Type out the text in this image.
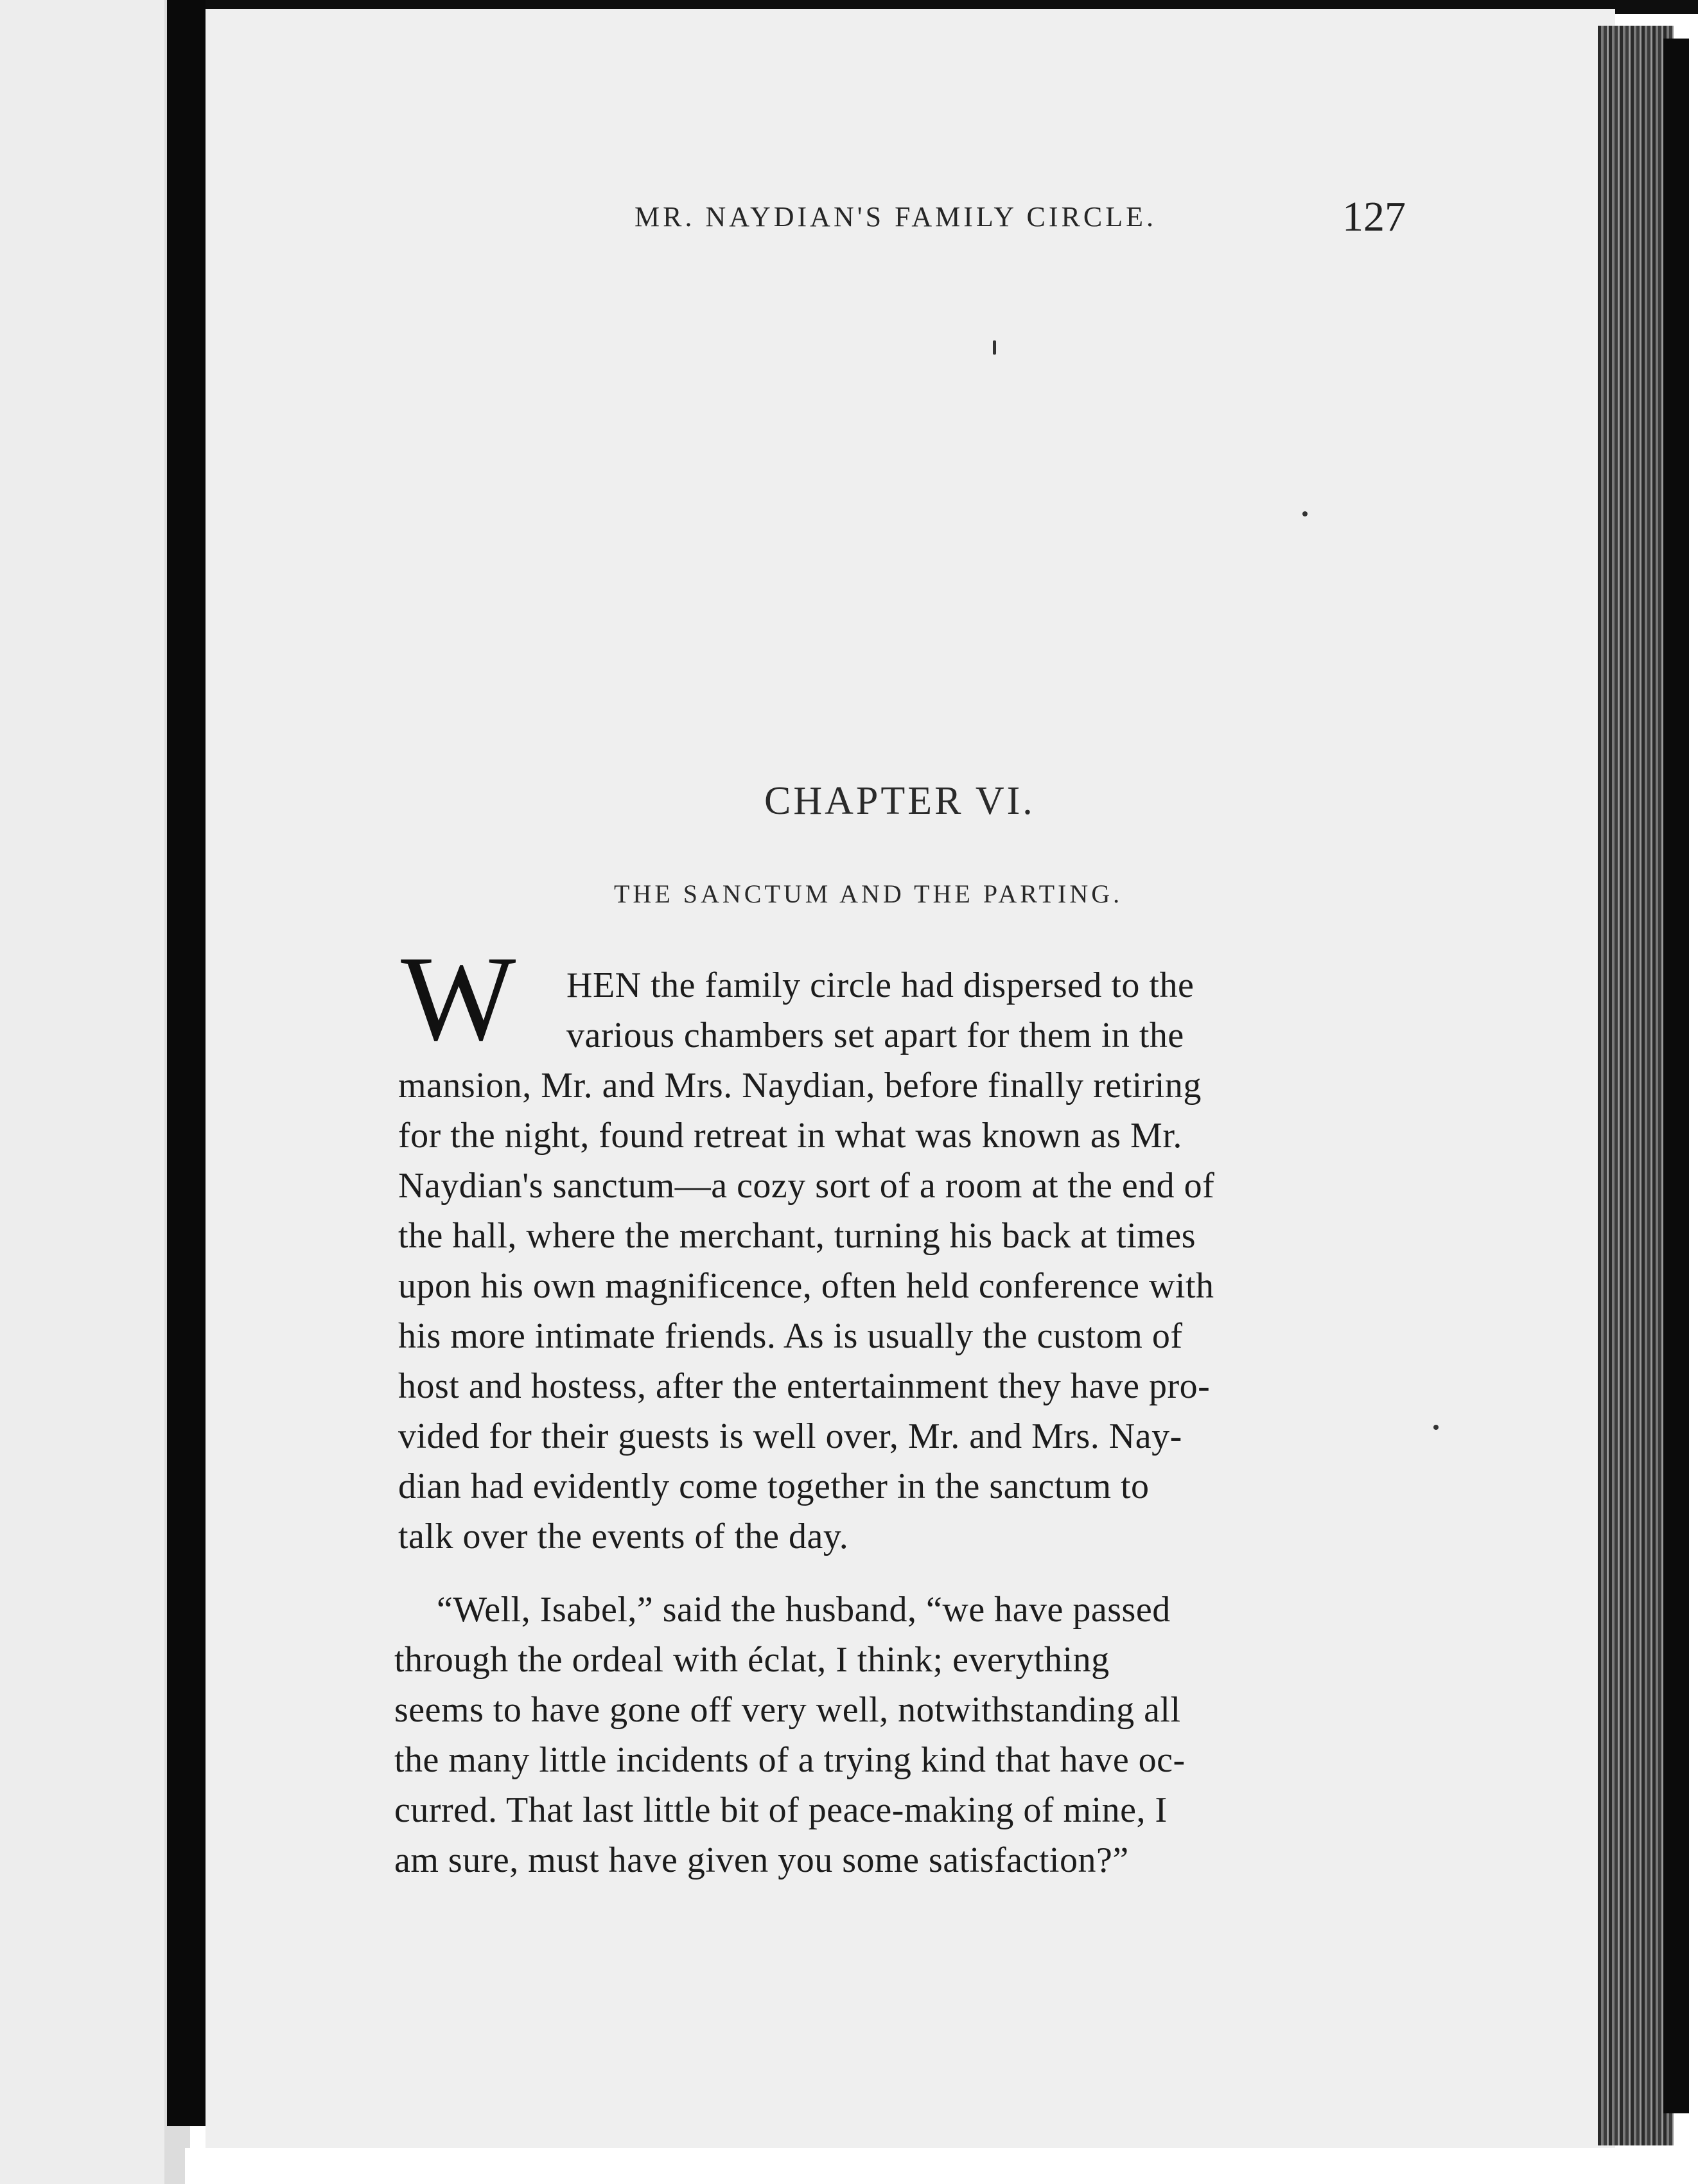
MR. NAYDIAN'S FAMILY CIRCLE.	127
CHAPTER VI.
THE SANCTUM AND THE PARTING.
W HEN the family circle had dispersed to the
various chambers set apart for them in the
mansion, Mr. and Mrs. Naydian, before finally retiring
for the night, found retreat in what was known as Mr.
Naydian's sanctum—a cozy sort of a room at the end of
the hall, where the merchant, turning his back at times
upon his own magnificence, often held conference with
his more intimate friends. As is usually the custom of
host and hostess, after the entertainment they have pro-
vided for their guests is well over, Mr. and Mrs. Nay-
dian had evidently come together in the sanctum to
talk over the events of the day.
“Well, Isabel,” said the husband, “we have passed
through the ordeal with éclat, I think; everything
seems to have gone off very well, notwithstanding all
the many little incidents of a trying kind that have oc-
curred. That last little bit of peace-making of mine, I
am sure, must have given you some satisfaction?”
